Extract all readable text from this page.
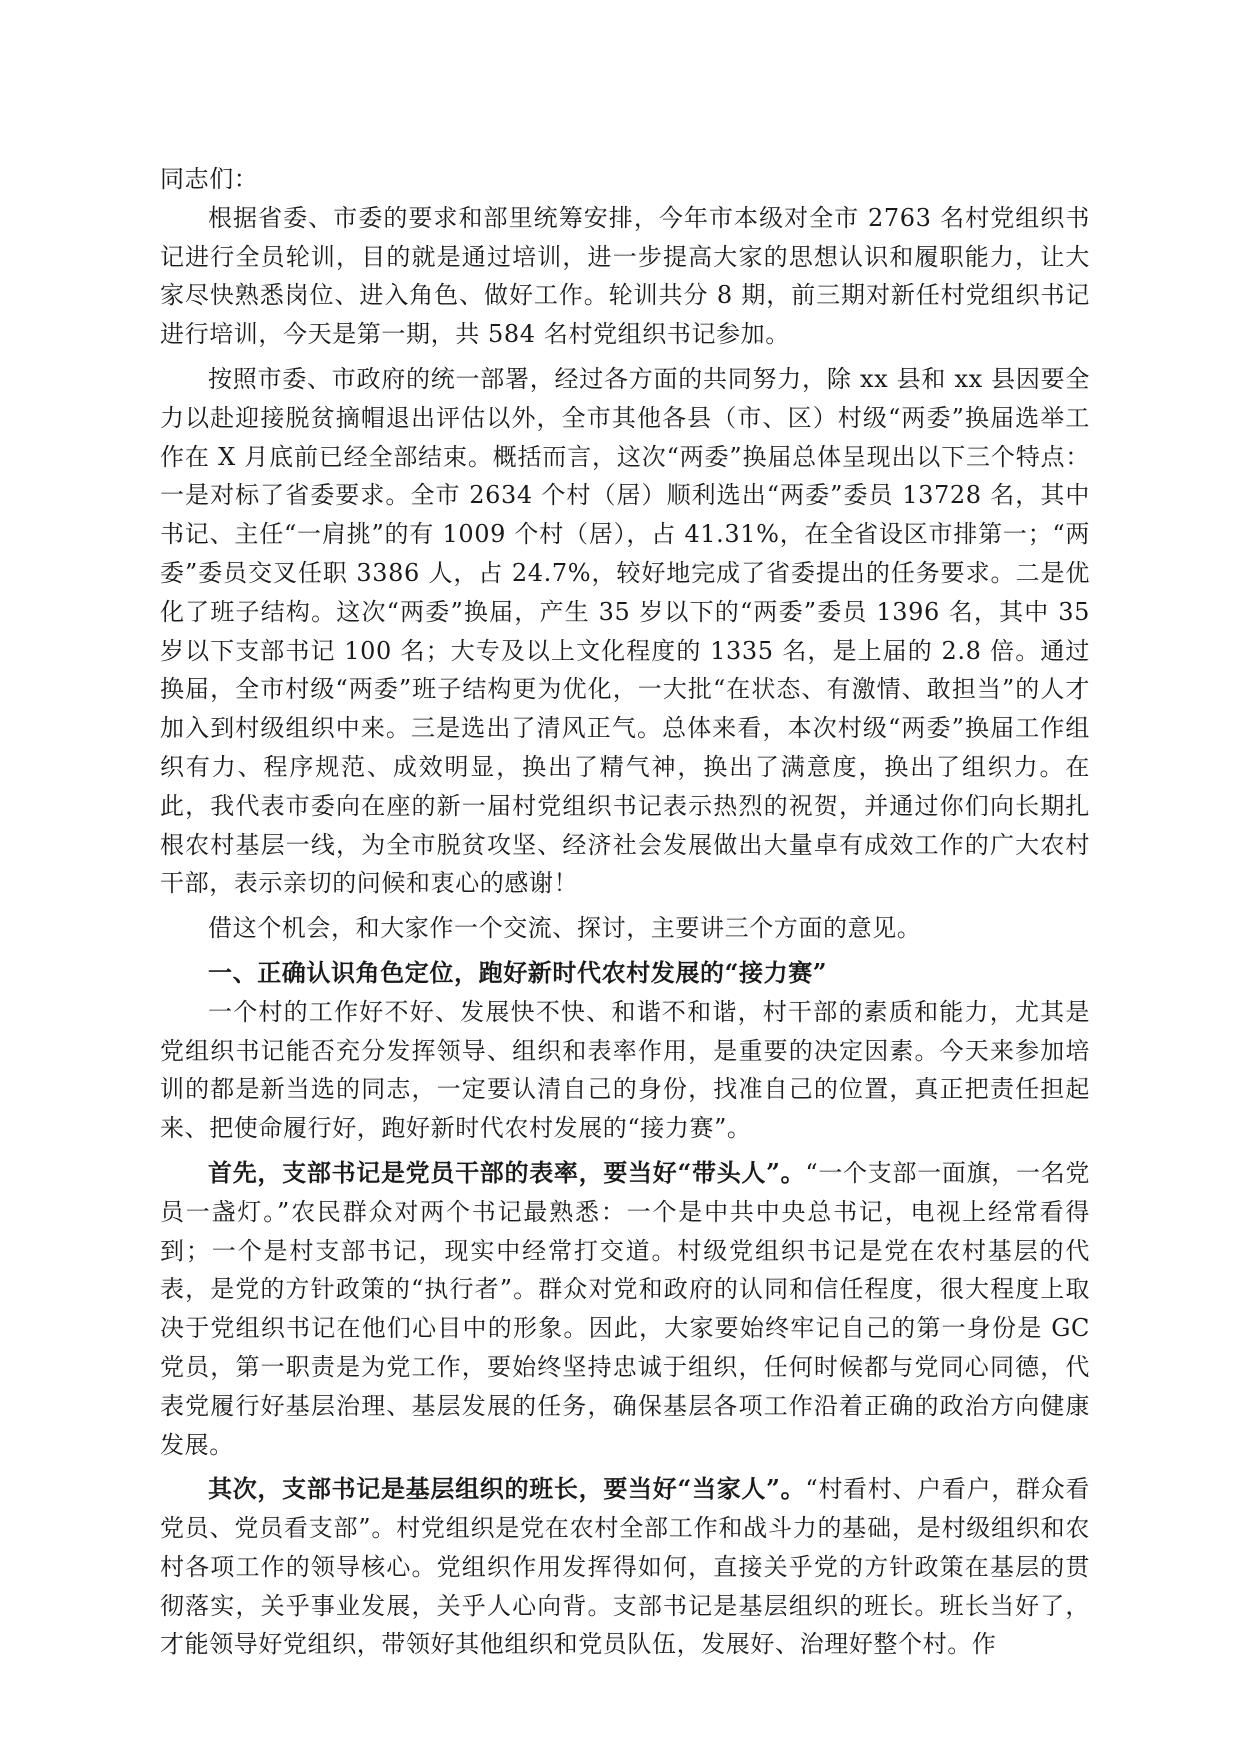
同志们：

根据省委、市委的要求和部里统筹安排，今年市本级对全市 2763 名村党组织书记进行全员轮训，目的就是通过培训，进一步提高大家的思想认识和履职能力，让大家尽快熟悉岗位、进入角色、做好工作。轮训共分 8 期，前三期对新任村党组织书记进行培训，今天是第一期，共 584 名村党组织书记参加。

按照市委、市政府的统一部署，经过各方面的共同努力，除 xx 县和 xx 县因要全力以赴迎接脱贫摘帽退出评估以外，全市其他各县（市、区）村级“两委”换届选举工作在 X 月底前已经全部结束。概括而言，这次“两委”换届总体呈现出以下三个特点：一是对标了省委要求。全市 2634 个村（居）顺利选出“两委”委员 13728 名，其中书记、主任“一肩挑”的有 1009 个村（居），占 41.31%，在全省设区市排第一；“两委”委员交叉任职 3386 人，占 24.7%，较好地完成了省委提出的任务要求。二是优化了班子结构。这次“两委”换届，产生 35 岁以下的“两委”委员 1396 名，其中 35 岁以下支部书记 100 名；大专及以上文化程度的 1335 名，是上届的 2.8 倍。通过换届，全市村级“两委”班子结构更为优化，一大批“在状态、有激情、敢担当”的人才加入到村级组织中来。三是选出了清风正气。总体来看，本次村级“两委”换届工作组织有力、程序规范、成效明显，换出了精气神，换出了满意度，换出了组织力。在此，我代表市委向在座的新一届村党组织书记表示热烈的祝贺，并通过你们向长期扎根农村基层一线，为全市脱贫攻坚、经济社会发展做出大量卓有成效工作的广大农村干部，表示亲切的问候和衷心的感谢！

借这个机会，和大家作一个交流、探讨，主要讲三个方面的意见。

一、正确认识角色定位，跑好新时代农村发展的“接力赛”

一个村的工作好不好、发展快不快、和谐不和谐，村干部的素质和能力，尤其是党组织书记能否充分发挥领导、组织和表率作用，是重要的决定因素。今天来参加培训的都是新当选的同志，一定要认清自己的身份，找准自己的位置，真正把责任担起来、把使命履行好，跑好新时代农村发展的“接力赛”。

首先，支部书记是党员干部的表率，要当好“带头人”。“一个支部一面旗，一名党员一盏灯。”农民群众对两个书记最熟悉：一个是中共中央总书记，电视上经常看得到；一个是村支部书记，现实中经常打交道。村级党组织书记是党在农村基层的代表，是党的方针政策的“执行者”。群众对党和政府的认同和信任程度，很大程度上取决于党组织书记在他们心目中的形象。因此，大家要始终牢记自己的第一身份是 GC 党员，第一职责是为党工作，要始终坚持忠诚于组织，任何时候都与党同心同德，代表党履行好基层治理、基层发展的任务，确保基层各项工作沿着正确的政治方向健康发展。

其次，支部书记是基层组织的班长，要当好“当家人”。“村看村、户看户，群众看党员、党员看支部”。村党组织是党在农村全部工作和战斗力的基础，是村级组织和农村各项工作的领导核心。党组织作用发挥得如何，直接关乎党的方针政策在基层的贯彻落实，关乎事业发展，关乎人心向背。支部书记是基层组织的班长。班长当好了，才能领导好党组织，带领好其他组织和党员队伍，发展好、治理好整个村。作
